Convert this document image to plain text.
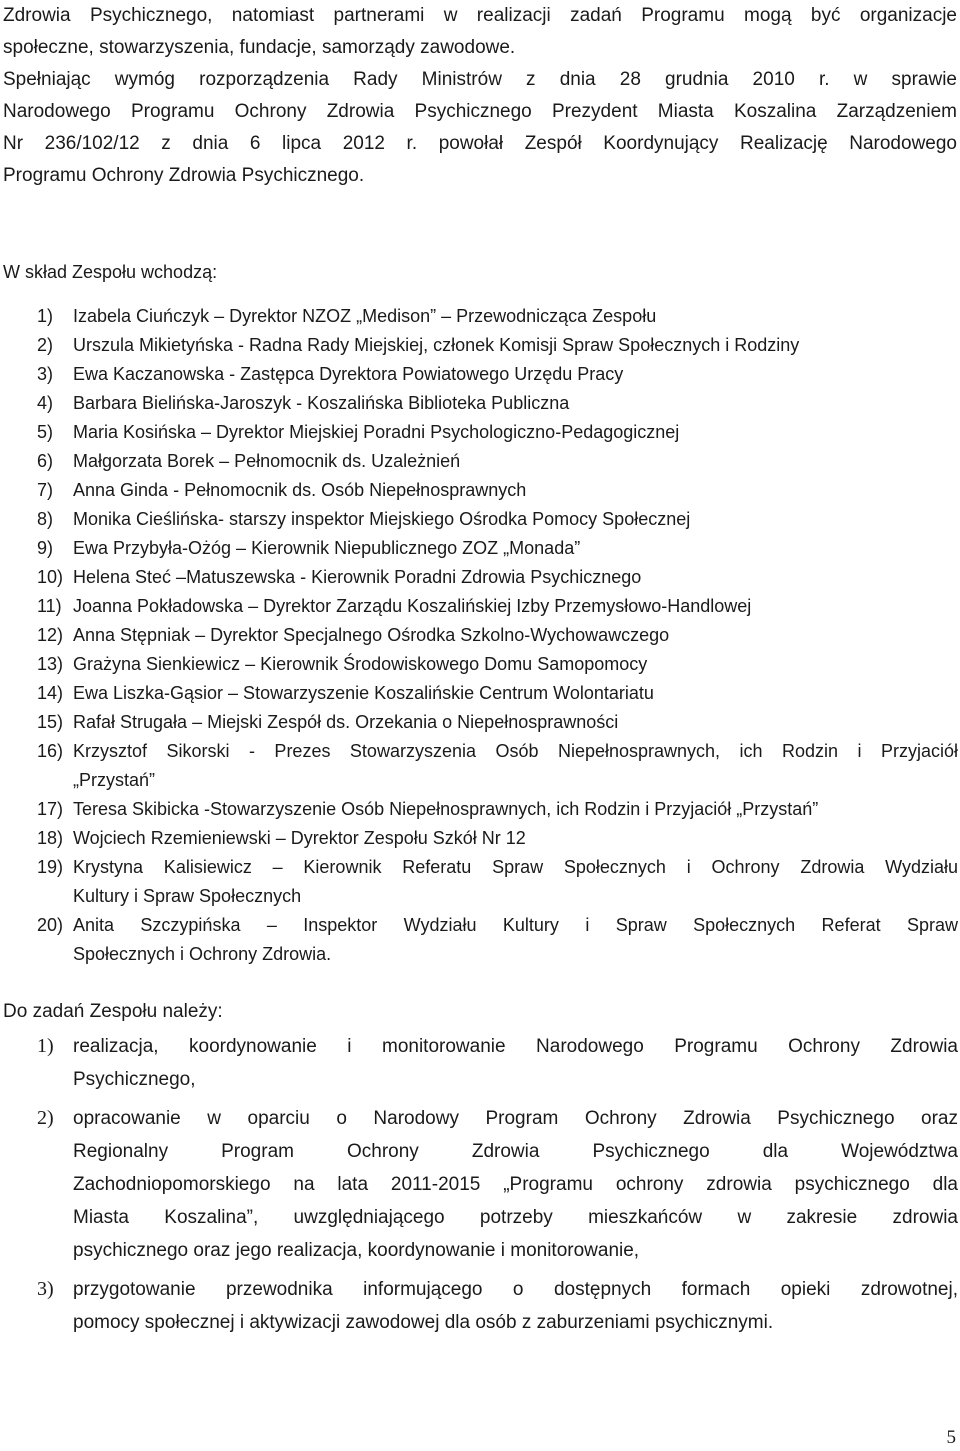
Zdrowia Psychicznego, natomiast partnerami w realizacji zadań Programu mogą być organizacje
społeczne, stowarzyszenia, fundacje, samorządy zawodowe.
Spełniając wymóg rozporządzenia Rady Ministrów z dnia 28 grudnia 2010 r. w sprawie
Narodowego Programu Ochrony Zdrowia Psychicznego Prezydent Miasta Koszalina Zarządzeniem
Nr 236/102/12 z dnia 6 lipca 2012 r. powołał Zespół Koordynujący Realizację Narodowego
Programu Ochrony Zdrowia Psychicznego.
W skład Zespołu wchodzą:
1) Izabela Ciuńczyk – Dyrektor NZOZ „Medison” – Przewodnicząca Zespołu
2) Urszula Mikietyńska - Radna Rady Miejskiej, członek Komisji Spraw Społecznych i Rodziny
3) Ewa Kaczanowska - Zastępca Dyrektora Powiatowego Urzędu Pracy
4) Barbara Bielińska-Jaroszyk - Koszalińska Biblioteka Publiczna
5) Maria Kosińska – Dyrektor Miejskiej Poradni Psychologiczno-Pedagogicznej
6) Małgorzata Borek – Pełnomocnik ds. Uzależnień
7) Anna Ginda - Pełnomocnik ds. Osób Niepełnosprawnych
8) Monika Cieślińska- starszy inspektor Miejskiego Ośrodka Pomocy Społecznej
9) Ewa Przybyła-Ożóg – Kierownik Niepublicznego ZOZ „Monada”
10) Helena Steć –Matuszewska - Kierownik Poradni Zdrowia Psychicznego
11) Joanna Pokładowska – Dyrektor Zarządu Koszalińskiej Izby Przemysłowo-Handlowej
12) Anna Stępniak – Dyrektor Specjalnego Ośrodka Szkolno-Wychowawczego
13) Grażyna Sienkiewicz – Kierownik Środowiskowego Domu Samopomocy
14) Ewa Liszka-Gąsior – Stowarzyszenie Koszalińskie Centrum Wolontariatu
15) Rafał Strugała – Miejski Zespół ds. Orzekania o Niepełnosprawności
16) Krzysztof Sikorski - Prezes Stowarzyszenia Osób Niepełnosprawnych, ich Rodzin i Przyjaciół
„Przystań”
17) Teresa Skibicka -Stowarzyszenie Osób Niepełnosprawnych, ich Rodzin i Przyjaciół „Przystań”
18) Wojciech Rzemieniewski – Dyrektor Zespołu Szkół Nr 12
19) Krystyna Kalisiewicz – Kierownik Referatu Spraw Społecznych i Ochrony Zdrowia Wydziału
Kultury i Spraw Społecznych
20) Anita Szczypińska – Inspektor Wydziału Kultury i Spraw Społecznych Referat Spraw
Społecznych i Ochrony Zdrowia.
Do zadań Zespołu należy:
1) realizacja, koordynowanie i monitorowanie Narodowego Programu Ochrony Zdrowia
Psychicznego,
2) opracowanie w oparciu o Narodowy Program Ochrony Zdrowia Psychicznego oraz
Regionalny Program Ochrony Zdrowia Psychicznego dla Województwa
Zachodniopomorskiego na lata 2011-2015 „Programu ochrony zdrowia psychicznego dla
Miasta Koszalina”, uwzględniającego potrzeby mieszkańców w zakresie zdrowia
psychicznego oraz jego realizacja, koordynowanie i monitorowanie,
3) przygotowanie przewodnika informującego o dostępnych formach opieki zdrowotnej,
pomocy społecznej i aktywizacji zawodowej dla osób z zaburzeniami psychicznymi.
5
